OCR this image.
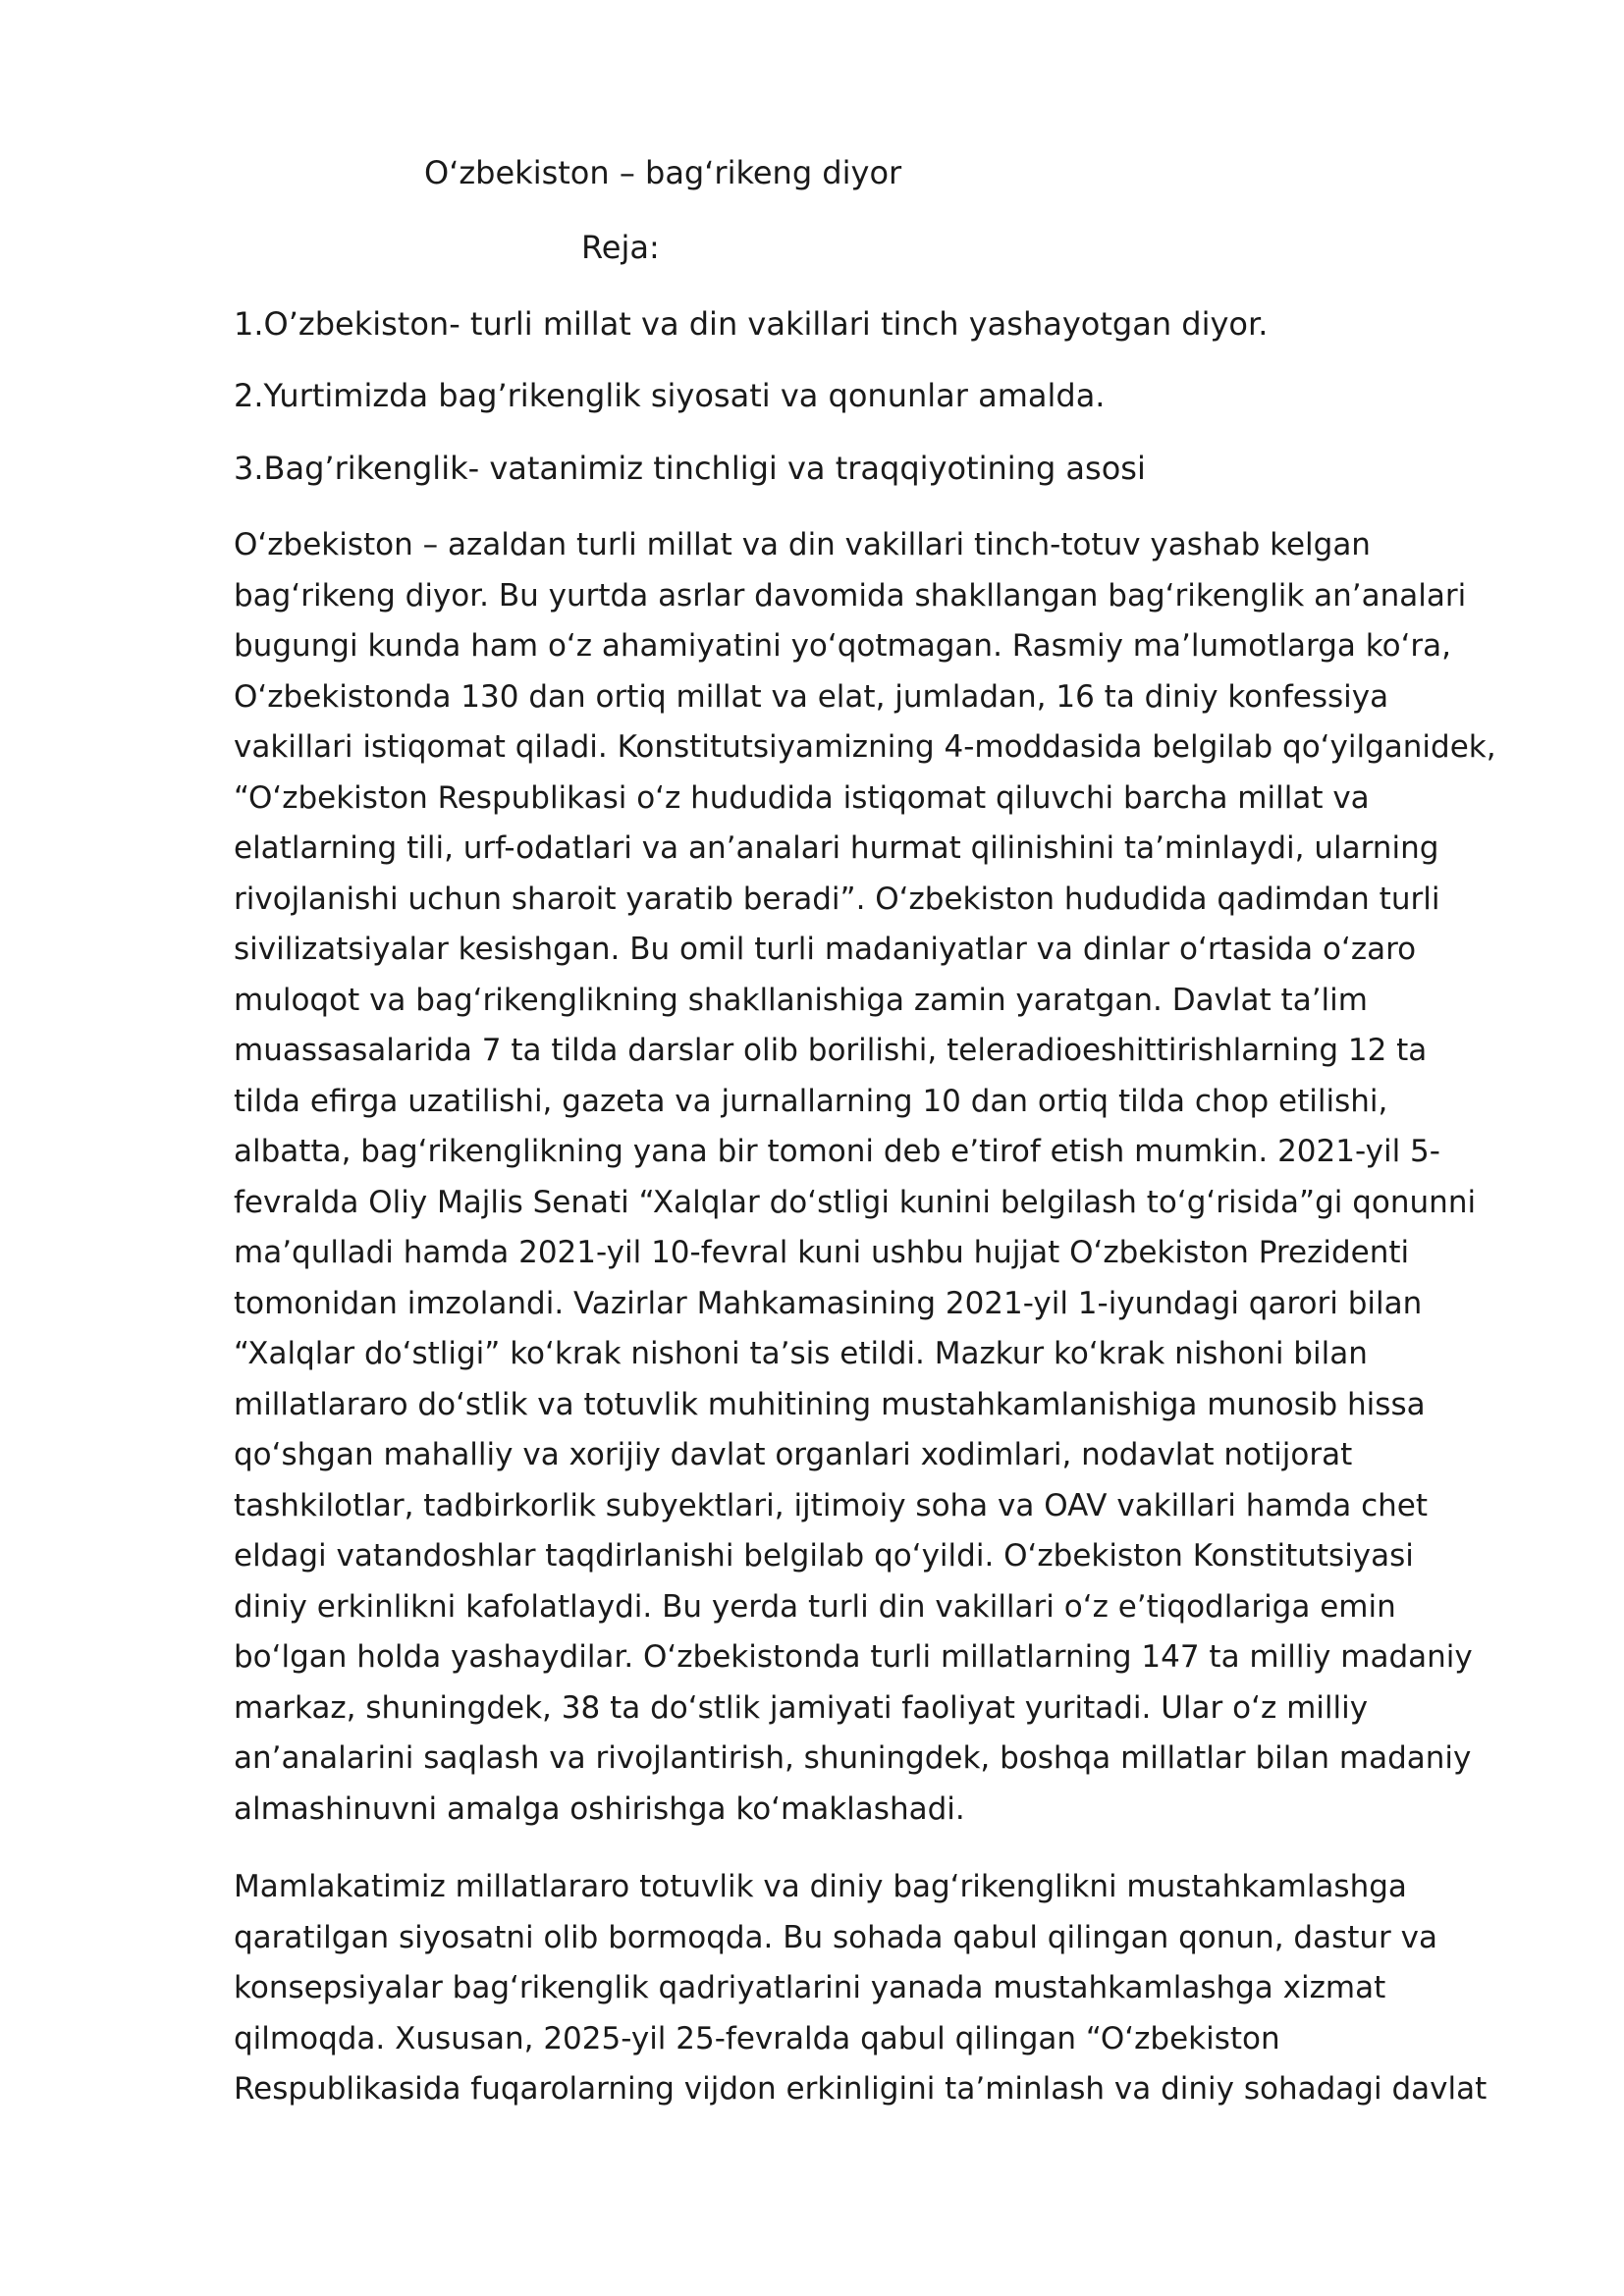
Oʻzbekiston – bagʻrikeng diyor
Reja:

1.O’zbekiston- turli millat va din vakillari tinch yashayotgan diyor.

2.Yurtimizda bag’rikenglik siyosati va qonunlar amalda.

3.Bag’rikenglik- vatanimiz tinchligi va traqqiyotining asosi

Oʻzbekiston – azaldan turli millat va din vakillari tinch-totuv yashab kelgan
bagʻrikeng diyor. Bu yurtda asrlar davomida shakllangan bagʻrikenglik an’analari
bugungi kunda ham oʻz ahamiyatini yoʻqotmagan. Rasmiy ma’lumotlarga koʻra,
Oʻzbekistonda 130 dan ortiq millat va elat, jumladan, 16 ta diniy konfessiya
vakillari istiqomat qiladi. Konstitutsiyamizning 4-moddasida belgilab qoʻyilganidek,
“Oʻzbekiston Respublikasi oʻz hududida istiqomat qiluvchi barcha millat va
elatlarning tili, urf-odatlari va an’analari hurmat qilinishini ta’minlaydi, ularning
rivojlanishi uchun sharoit yaratib beradi”. Oʻzbekiston hududida qadimdan turli
sivilizatsiyalar kesishgan. Bu omil turli madaniyatlar va dinlar oʻrtasida oʻzaro
muloqot va bagʻrikenglikning shakllanishiga zamin yaratgan. Davlat ta’lim
muassasalarida 7 ta tilda darslar olib borilishi, teleradioeshittirishlarning 12 ta
tilda efirga uzatilishi, gazeta va jurnallarning 10 dan ortiq tilda chop etilishi,
albatta, bagʻrikenglikning yana bir tomoni deb e’tirof etish mumkin. 2021-yil 5-
fevralda Oliy Majlis Senati “Xalqlar doʻstligi kunini belgilash toʻgʻrisida”gi qonunni
ma’qulladi hamda 2021-yil 10-fevral kuni ushbu hujjat Oʻzbekiston Prezidenti
tomonidan imzolandi. Vazirlar Mahkamasining 2021-yil 1-iyundagi qarori bilan
“Xalqlar doʻstligi” koʻkrak nishoni ta’sis etildi. Mazkur koʻkrak nishoni bilan
millatlararo doʻstlik va totuvlik muhitining mustahkamlanishiga munosib hissa
qoʻshgan mahalliy va xorijiy davlat organlari xodimlari, nodavlat notijorat
tashkilotlar, tadbirkorlik subyektlari, ijtimoiy soha va OAV vakillari hamda chet
eldagi vatandoshlar taqdirlanishi belgilab qoʻyildi. Oʻzbekiston Konstitutsiyasi
diniy erkinlikni kafolatlaydi. Bu yerda turli din vakillari oʻz e’tiqodlariga emin
boʻlgan holda yashaydilar. Oʻzbekistonda turli millatlarning 147 ta milliy madaniy
markaz, shuningdek, 38 ta doʻstlik jamiyati faoliyat yuritadi. Ular oʻz milliy
an’analarini saqlash va rivojlantirish, shuningdek, boshqa millatlar bilan madaniy
almashinuvni amalga oshirishga koʻmaklashadi.
Mamlakatimiz millatlararo totuvlik va diniy bagʻrikenglikni mustahkamlashga
qaratilgan siyosatni olib bormoqda. Bu sohada qabul qilingan qonun, dastur va
konsepsiyalar bagʻrikenglik qadriyatlarini yanada mustahkamlashga xizmat
qilmoqda. Xususan, 2025-yil 25-fevralda qabul qilingan “Oʻzbekiston
Respublikasida fuqarolarning vijdon erkinligini ta’minlash va diniy sohadagi davlat
